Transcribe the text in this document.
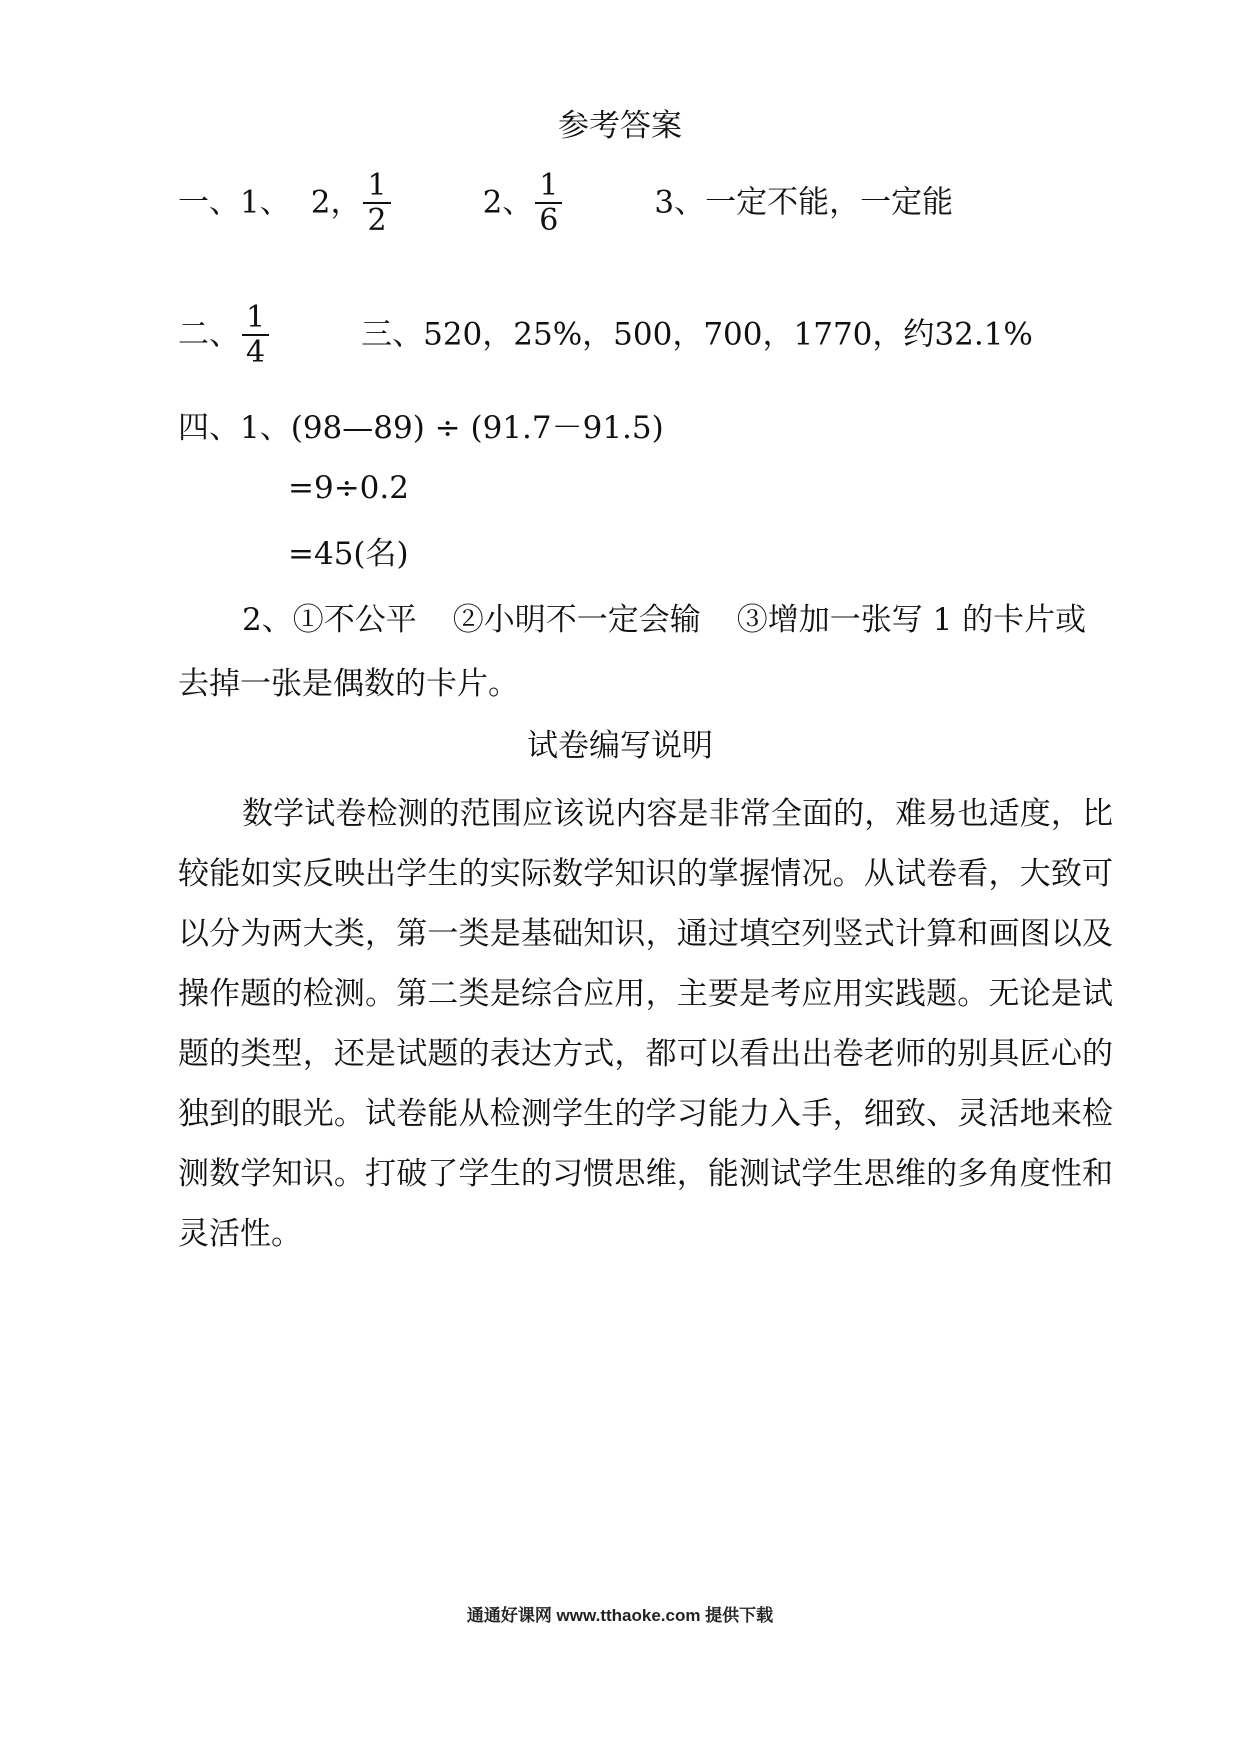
参考答案
一、1、 2， $\frac{1}{2}$	2、 $\frac{1}{6}$	3、一定不能，一定能
二、 $\frac{1}{4}$	三、520，25%，500，700，1770，约32.1%
四、1、(98—89) ÷ (91.7－91.5)
=9÷0.2
=45(名)
2、①不公平 ②小明不一定会输 ③增加一张写 1 的卡片或
去掉一张是偶数的卡片。
试卷编写说明
数学试卷检测的范围应该说内容是非常全面的，难易也适度，比较能如实反映出学生的实际数学知识的掌握情况。从试卷看，大致可以分为两大类，第一类是基础知识，通过填空列竖式计算和画图以及操作题的检测。第二类是综合应用，主要是考应用实践题。无论是试题的类型，还是试题的表达方式，都可以看出出卷老师的别具匠心的独到的眼光。试卷能从检测学生的学习能力入手，细致、灵活地来检测数学知识。打破了学生的习惯思维，能测试学生思维的多角度性和灵活性。
通通好课网 www.tthaoke.com 提供下载
